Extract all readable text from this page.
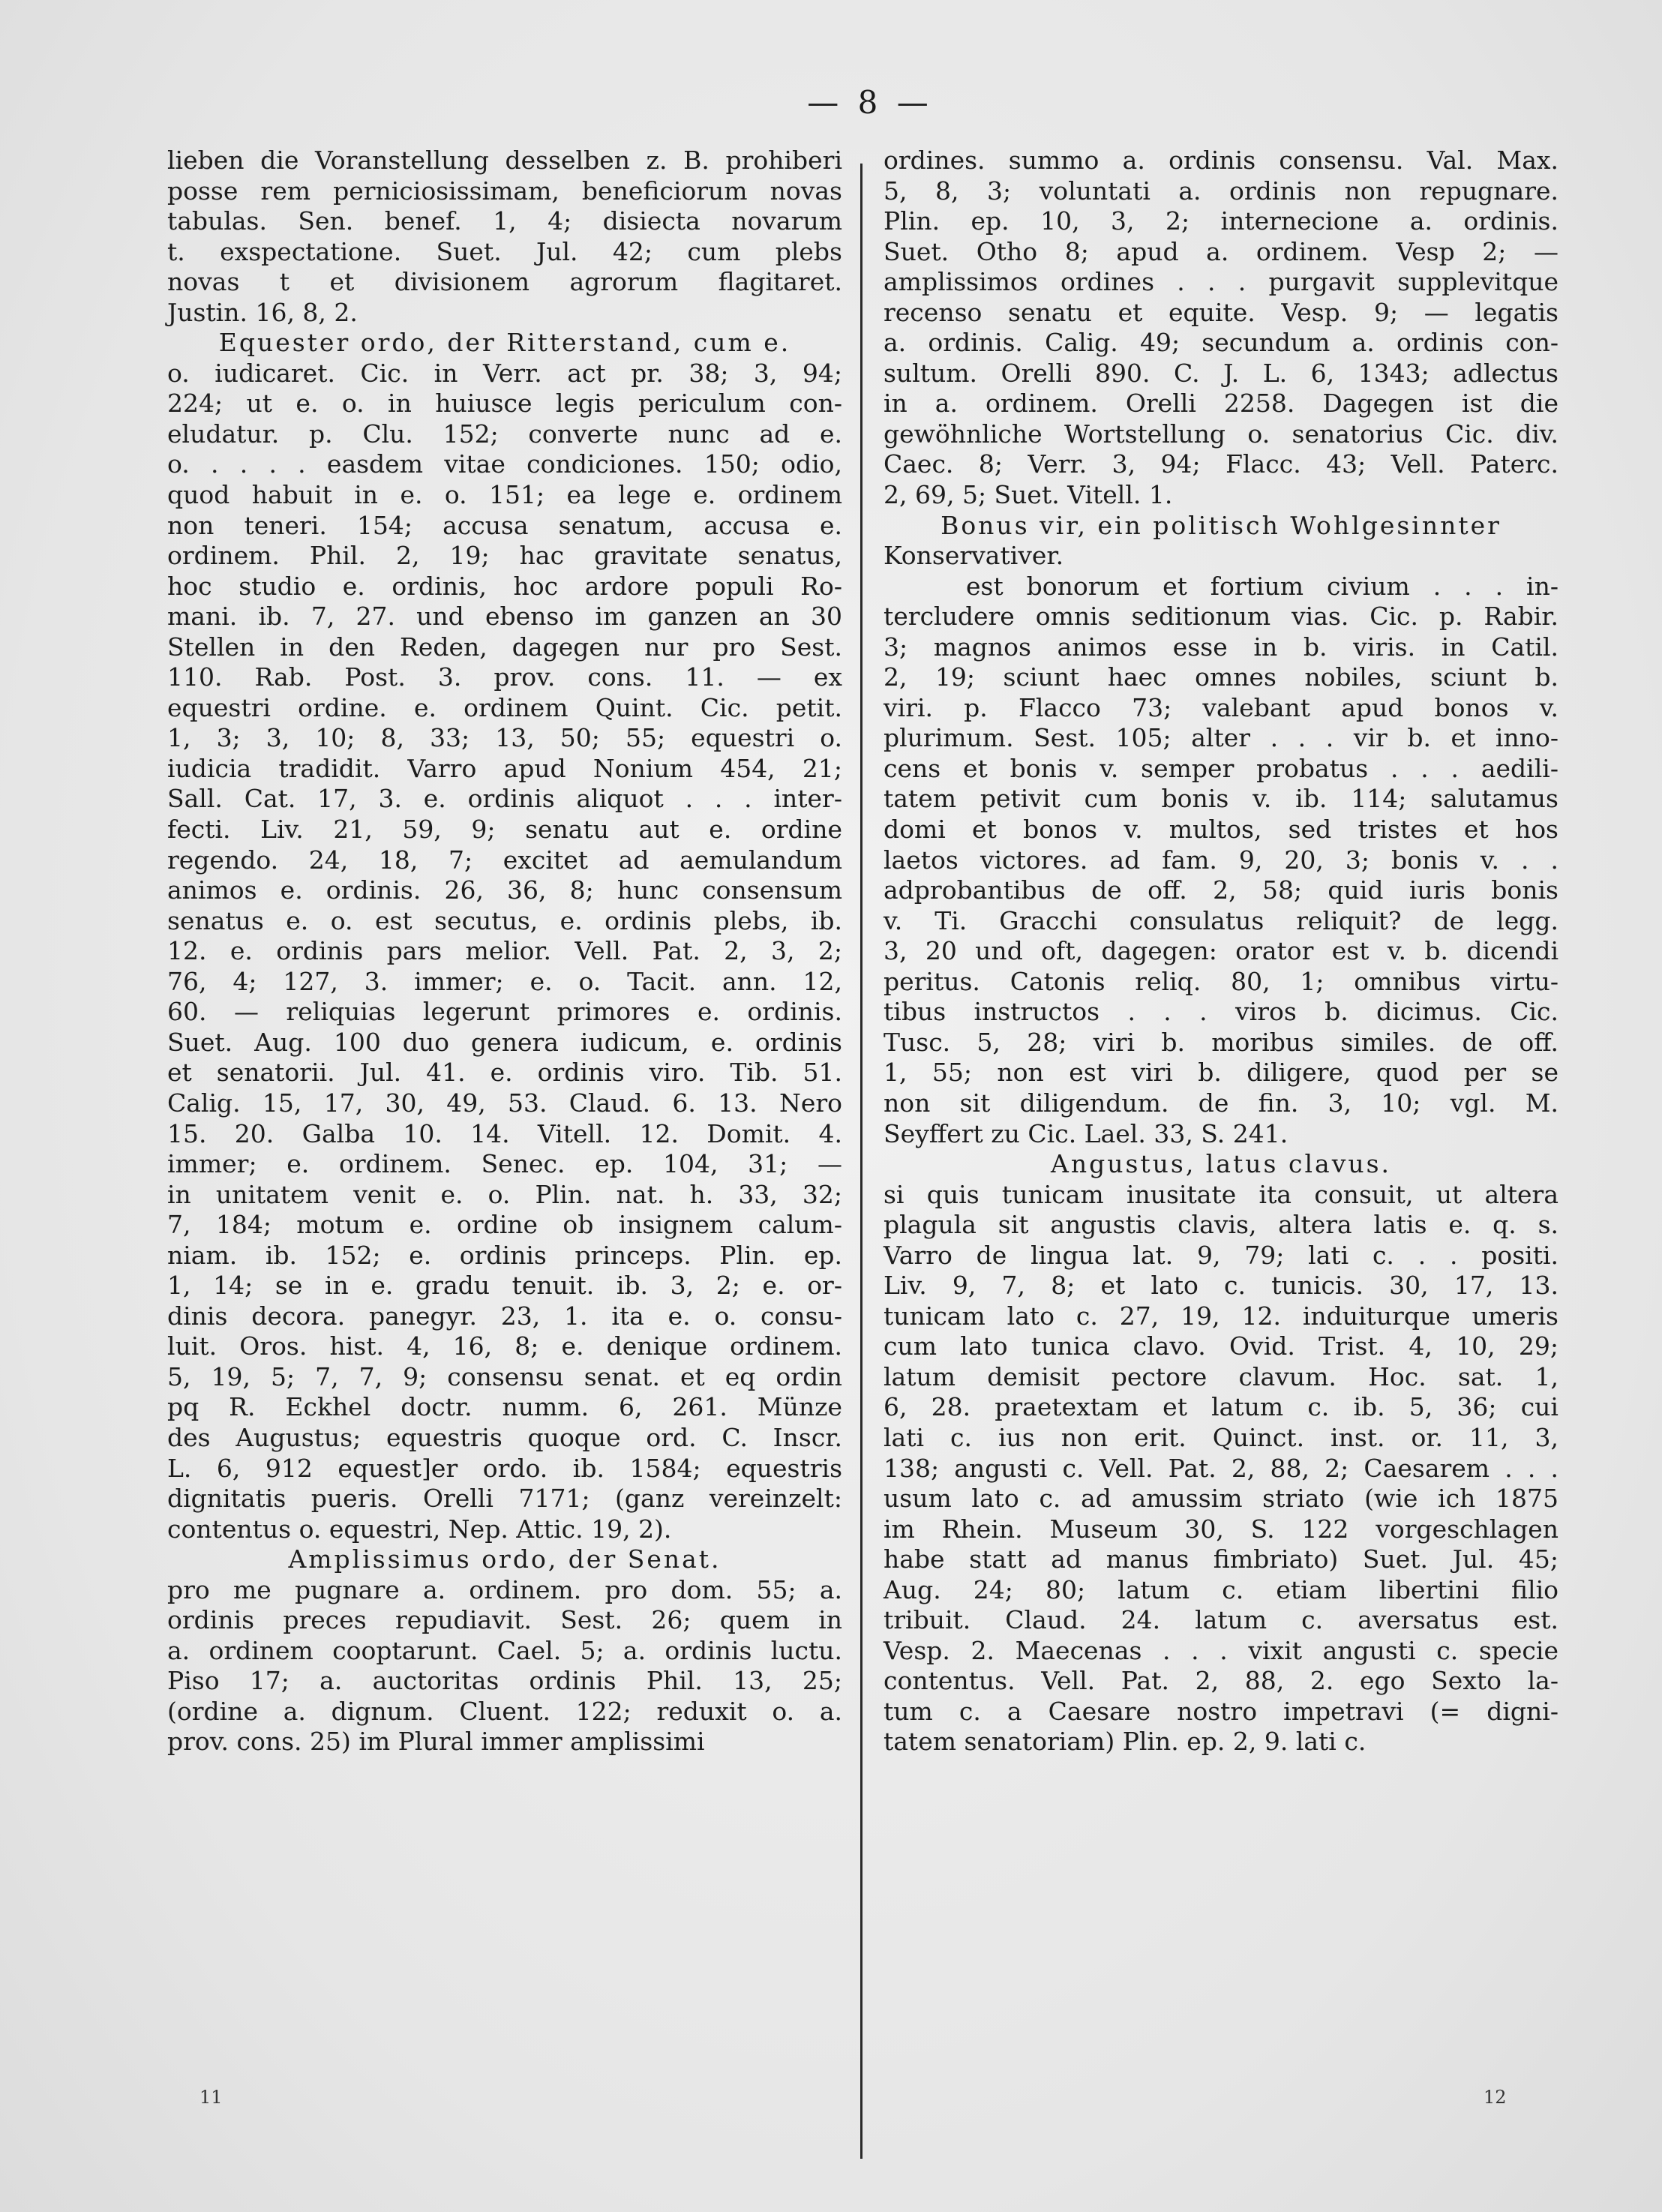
— 8 —
lieben die Voranstellung desselben z. B. prohiberi
posse rem perniciosissimam, beneficiorum novas
tabulas. Sen. benef. 1, 4; disiecta novarum
t. exspectatione. Suet. Jul. 42; cum plebs
novas t et divisionem agrorum flagitaret.
Justin. 16, 8, 2.
Equester ordo, der Ritterstand, cum e.
o. iudicaret. Cic. in Verr. act pr. 38; 3, 94;
224; ut e. o. in huiusce legis periculum con-
eludatur. p. Clu. 152; converte nunc ad e.
o. . . . . easdem vitae condiciones. 150; odio,
quod habuit in e. o. 151; ea lege e. ordinem
non teneri. 154; accusa senatum, accusa e.
ordinem. Phil. 2, 19; hac gravitate senatus,
hoc studio e. ordinis, hoc ardore populi Ro-
mani. ib. 7, 27. und ebenso im ganzen an 30
Stellen in den Reden, dagegen nur pro Sest.
110. Rab. Post. 3. prov. cons. 11. — ex
equestri ordine. e. ordinem Quint. Cic. petit.
1, 3; 3, 10; 8, 33; 13, 50; 55; equestri o.
iudicia tradidit. Varro apud Nonium 454, 21;
Sall. Cat. 17, 3. e. ordinis aliquot . . . inter-
fecti. Liv. 21, 59, 9; senatu aut e. ordine
regendo. 24, 18, 7; excitet ad aemulandum
animos e. ordinis. 26, 36, 8; hunc consensum
senatus e. o. est secutus, e. ordinis plebs, ib.
12. e. ordinis pars melior. Vell. Pat. 2, 3, 2;
76, 4; 127, 3. immer; e. o. Tacit. ann. 12,
60. — reliquias legerunt primores e. ordinis.
Suet. Aug. 100 duo genera iudicum, e. ordinis
et senatorii. Jul. 41. e. ordinis viro. Tib. 51.
Calig. 15, 17, 30, 49, 53. Claud. 6. 13. Nero
15. 20. Galba 10. 14. Vitell. 12. Domit. 4.
immer; e. ordinem. Senec. ep. 104, 31; —
in unitatem venit e. o. Plin. nat. h. 33, 32;
7, 184; motum e. ordine ob insignem calum-
niam. ib. 152; e. ordinis princeps. Plin. ep.
1, 14; se in e. gradu tenuit. ib. 3, 2; e. or-
dinis decora. panegyr. 23, 1. ita e. o. consu-
luit. Oros. hist. 4, 16, 8; e. denique ordinem.
5, 19, 5; 7, 7, 9; consensu senat. et eq ordin
pq R. Eckhel doctr. numm. 6, 261. Münze
des Augustus; equestris quoque ord. C. Inscr.
L. 6, 912 equest]er ordo. ib. 1584; equestris
dignitatis pueris. Orelli 7171; (ganz vereinzelt:
contentus o. equestri, Nep. Attic. 19, 2).
Amplissimus ordo, der Senat.
pro me pugnare a. ordinem. pro dom. 55; a.
ordinis preces repudiavit. Sest. 26; quem in
a. ordinem cooptarunt. Cael. 5; a. ordinis luctu.
Piso 17; a. auctoritas ordinis Phil. 13, 25;
(ordine a. dignum. Cluent. 122; reduxit o. a.
prov. cons. 25) im Plural immer amplissimi
ordines. summo a. ordinis consensu. Val. Max.
5, 8, 3; voluntati a. ordinis non repugnare.
Plin. ep. 10, 3, 2; internecione a. ordinis.
Suet. Otho 8; apud a. ordinem. Vesp 2; —
amplissimos ordines . . . purgavit supplevitque
recenso senatu et equite. Vesp. 9; — legatis
a. ordinis. Calig. 49; secundum a. ordinis con-
sultum. Orelli 890. C. J. L. 6, 1343; adlectus
in a. ordinem. Orelli 2258. Dagegen ist die
gewöhnliche Wortstellung o. senatorius Cic. div.
Caec. 8; Verr. 3, 94; Flacc. 43; Vell. Paterc.
2, 69, 5; Suet. Vitell. 1.
Bonus vir, ein politisch Wohlgesinnter
Konservativer.
est bonorum et fortium civium . . . in-
tercludere omnis seditionum vias. Cic. p. Rabir.
3; magnos animos esse in b. viris. in Catil.
2, 19; sciunt haec omnes nobiles, sciunt b.
viri. p. Flacco 73; valebant apud bonos v.
plurimum. Sest. 105; alter . . . vir b. et inno-
cens et bonis v. semper probatus . . . aedili-
tatem petivit cum bonis v. ib. 114; salutamus
domi et bonos v. multos, sed tristes et hos
laetos victores. ad fam. 9, 20, 3; bonis v. . .
adprobantibus de off. 2, 58; quid iuris bonis
v. Ti. Gracchi consulatus reliquit? de legg.
3, 20 und oft, dagegen: orator est v. b. dicendi
peritus. Catonis reliq. 80, 1; omnibus virtu-
tibus instructos . . . viros b. dicimus. Cic.
Tusc. 5, 28; viri b. moribus similes. de off.
1, 55; non est viri b. diligere, quod per se
non sit diligendum. de fin. 3, 10; vgl. M.
Seyffert zu Cic. Lael. 33, S. 241.
Angustus, latus clavus.
si quis tunicam inusitate ita consuit, ut altera
plagula sit angustis clavis, altera latis e. q. s.
Varro de lingua lat. 9, 79; lati c. . . positi.
Liv. 9, 7, 8; et lato c. tunicis. 30, 17, 13.
tunicam lato c. 27, 19, 12. induiturque umeris
cum lato tunica clavo. Ovid. Trist. 4, 10, 29;
latum demisit pectore clavum. Hoc. sat. 1,
6, 28. praetextam et latum c. ib. 5, 36; cui
lati c. ius non erit. Quinct. inst. or. 11, 3,
138; angusti c. Vell. Pat. 2, 88, 2; Caesarem . . .
usum lato c. ad amussim striato (wie ich 1875
im Rhein. Museum 30, S. 122 vorgeschlagen
habe statt ad manus fimbriato) Suet. Jul. 45;
Aug. 24; 80; latum c. etiam libertini filio
tribuit. Claud. 24. latum c. aversatus est.
Vesp. 2. Maecenas . . . vixit angusti c. specie
contentus. Vell. Pat. 2, 88, 2. ego Sexto la-
tum c. a Caesare nostro impetravi (= digni-
tatem senatoriam) Plin. ep. 2, 9. lati c.
11	12
